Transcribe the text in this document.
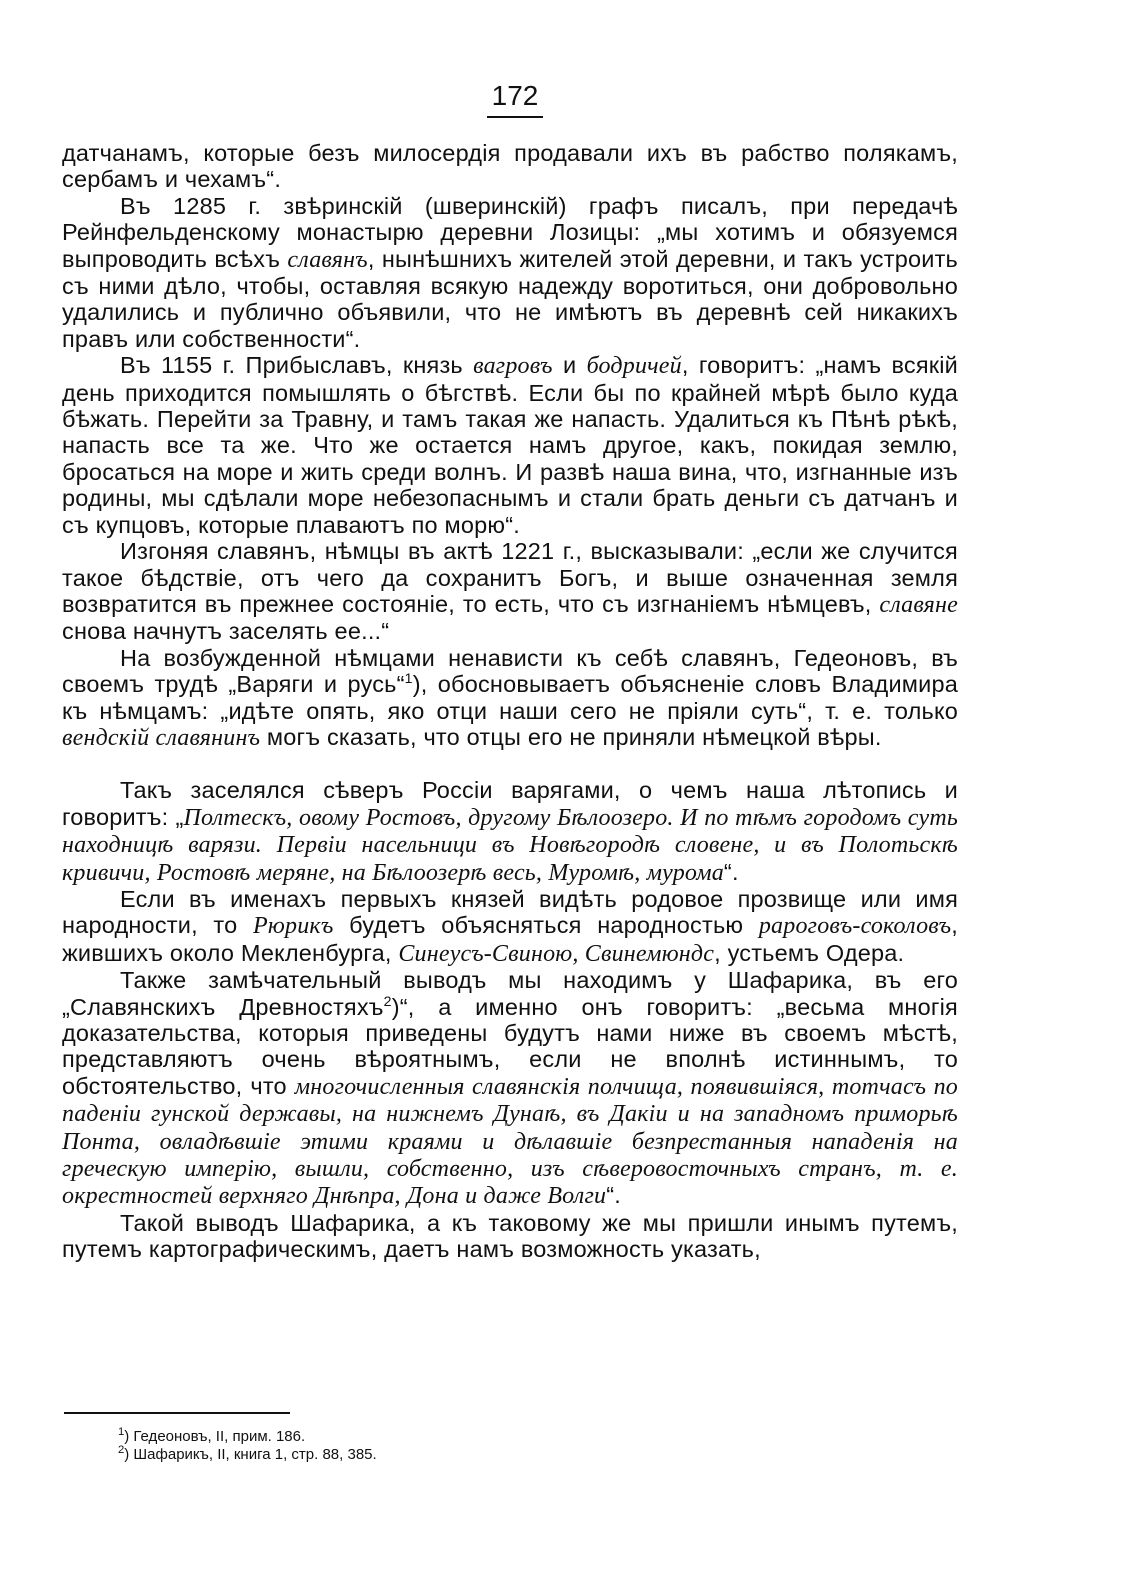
172

датчанамъ, которые безъ милосердія продавали ихъ въ рабство полякамъ, сербамъ и чехамъ“.

Въ 1285 г. звѣринскій (шверинскій) графъ писалъ, при передачѣ Рейнфельденскому монастырю деревни Лозицы: „мы хотимъ и обязуемся выпроводить всѣхъ славянъ, нынѣшнихъ жителей этой деревни, и такъ устроить съ ними дѣло, чтобы, оставляя всякую надежду воротиться, они добровольно удалились и публично объявили, что не имѣютъ въ деревнѣ сей никакихъ правъ или собственности“.

Въ 1155 г. Прибыславъ, князь вагровъ и бодричей, говоритъ: „намъ всякій день приходится помышлять о бѣгствѣ. Если бы по крайней мѣрѣ было куда бѣжать. Перейти за Травну, и тамъ такая же напасть. Удалиться къ Пѣнѣ рѣкѣ, напасть все та же. Что же остается намъ другое, какъ, покидая землю, бросаться на море и жить среди волнъ. И развѣ наша вина, что, изгнанные изъ родины, мы сдѣлали море небезопаснымъ и стали брать деньги съ датчанъ и съ купцовъ, которые плаваютъ по морю“.

Изгоняя славянъ, нѣмцы въ актѣ 1221 г., высказывали: „если же случится такое бѣдствіе, отъ чего да сохранитъ Богъ, и выше означенная земля возвратится въ прежнее состояніе, то есть, что съ изгнаніемъ нѣмцевъ, славяне снова начнутъ заселять ее...“

На возбужденной нѣмцами ненависти къ себѣ славянъ, Гедеоновъ, въ своемъ трудѣ „Варяги и русь“$^1$), обосновываетъ объясненіе словъ Владимира къ нѣмцамъ: „идѣте опять, яко отци наши сего не пріяли суть“, т. е. только вендскій славянинъ могъ сказать, что отцы его не приняли нѣмецкой вѣры.

Такъ заселялся сѣверъ Россіи варягами, о чемъ наша лѣтопись и говоритъ: „Полтескъ, овому Ростовъ, другому Бѣлоозеро. И по тѣмъ городомъ суть находницѣ варязи. Первіи насельници въ Новѣгородѣ словене, и въ Полотьскѣ кривичи, Ростовѣ меряне, на Бѣлоозерѣ весь, Муромѣ, мурома“.

Если въ именахъ первыхъ князей видѣть родовое прозвище или имя народности, то Рюрикъ будетъ объясняться народностью рароговъ-соколовъ, жившихъ около Мекленбурга, Синеусъ-Свиною, Свинемюндс, устьемъ Одера.

Также замѣчательный выводъ мы находимъ у Шафарика, въ его „Славянскихъ Древностяхъ$^2$)“, а именно онъ говоритъ: „весьма многія доказательства, которыя приведены будутъ нами ниже въ своемъ мѣстѣ, представляютъ очень вѣроятнымъ, если не вполнѣ истиннымъ, то обстоятельство, что многочисленныя славянскія полчища, появившіяся, тотчасъ по паденіи гунской державы, на нижнемъ Дунаѣ, въ Дакіи и на западномъ приморьѣ Понта, овладѣвшіе этими краями и дѣлавшіе безпрестанныя нападенія на греческую имперію, вышли, собственно, изъ сѣверовосточныхъ странъ, т. е. окрестностей верхняго Днѣпра, Дона и даже Волги“.

Такой выводъ Шафарика, а къ таковому же мы пришли инымъ путемъ, путемъ картографическимъ, даетъ намъ возможность указать,

$^1$) Гедеоновъ, II, прим. 186.
$^2$) Шафарикъ, II, книга 1, стр. 88, 385.
